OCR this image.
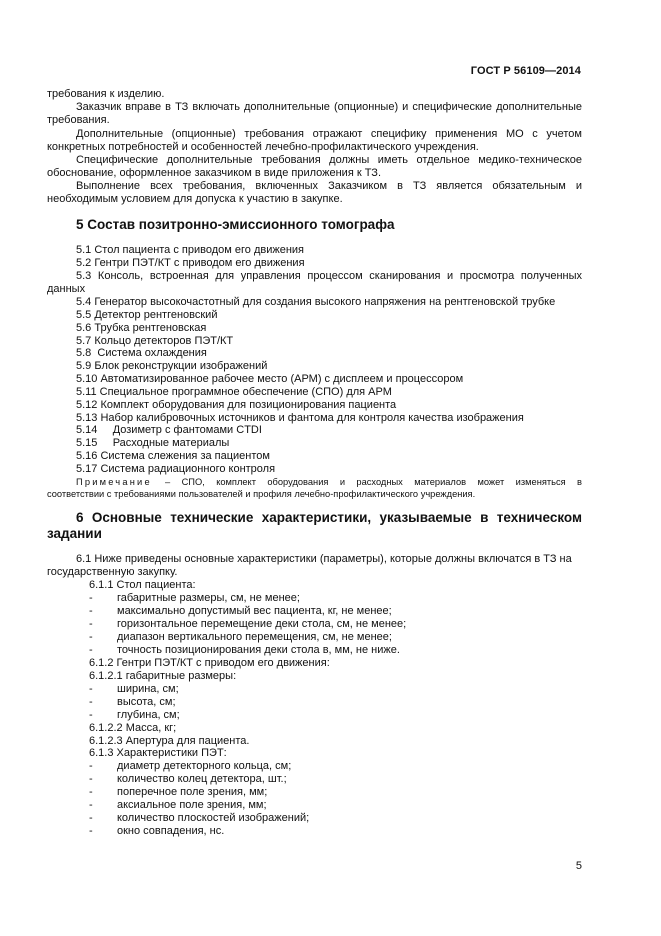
ГОСТ Р 56109—2014
требования к изделию.
Заказчик вправе в ТЗ включать дополнительные (опционные) и специфические дополнительные
требования.
Дополнительные (опционные) требования отражают специфику применения МО с учетом
конкретных потребностей и особенностей лечебно-профилактического учреждения.
Специфические дополнительные требования должны иметь отдельное медико-техническое
обоснование, оформленное заказчиком в виде приложения к ТЗ.
Выполнение всех требования, включенных Заказчиком в ТЗ является обязательным и
необходимым условием для допуска к участию в закупке.
5 Состав позитронно-эмиссионного томографа
5.1 Стол пациента с приводом его движения
5.2 Гентри ПЭТ/КТ с приводом его движения
5.3 Консоль, встроенная для управления процессом сканирования и просмотра полученных
данных
5.4 Генератор высокочастотный для создания высокого напряжения на рентгеновской трубке
5.5 Детектор рентгеновский
5.6 Трубка рентгеновская
5.7 Кольцо детекторов ПЭТ/КТ
5.8  Система охлаждения
5.9 Блок реконструкции изображений
5.10 Автоматизированное рабочее место (АРМ) с дисплеем и процессором
5.11 Специальное программное обеспечение (СПО) для АРМ
5.12 Комплект оборудования для позиционирования пациента
5.13 Набор калибровочных источников и фантома для контроля качества изображения
5.14     Дозиметр с фантомами CTDI
5.15     Расходные материалы
5.16 Система слежения за пациентом
5.17 Система радиационного контроля
Примечание – СПО, комплект оборудования и расходных материалов может изменяться в
соответствии с требованиями пользователей и профиля лечебно-профилактического учреждения.
6 Основные технические характеристики, указываемые в техническом
задании
6.1 Ниже приведены основные характеристики (параметры), которые должны включатся в ТЗ на
государственную закупку.
6.1.1 Стол пациента:
- габаритные размеры, см, не менее;
- максимально допустимый вес пациента, кг, не менее;
- горизонтальное перемещение деки стола, см, не менее;
- диапазон вертикального перемещения, см, не менее;
- точность позиционирования деки стола в, мм, не ниже.
6.1.2 Гентри ПЭТ/КТ с приводом его движения:
6.1.2.1 габаритные размеры:
- ширина, см;
- высота, см;
- глубина, см;
6.1.2.2 Масса, кг;
6.1.2.3 Апертура для пациента.
6.1.3 Характеристики ПЭТ:
- диаметр детекторного кольца, см;
- количество колец детектора, шт.;
- поперечное поле зрения, мм;
- аксиальное поле зрения, мм;
- количество плоскостей изображений;
- окно совпадения, нс.
5
